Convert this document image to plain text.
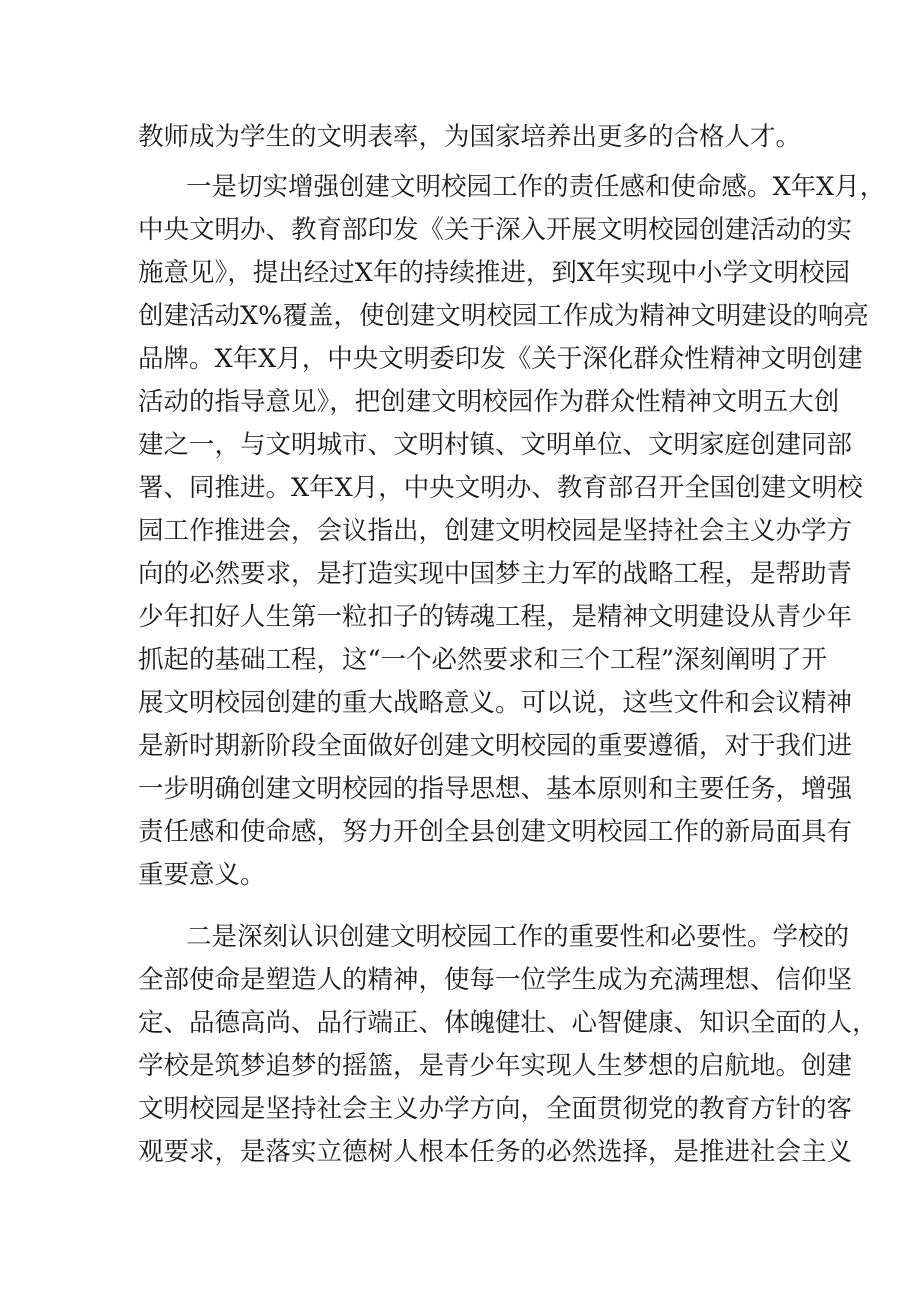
教师成为学生的文明表率，为国家培养出更多的合格人才。
一是切实增强创建文明校园工作的责任感和使命感。X年X月，
中央文明办、教育部印发《关于深入开展文明校园创建活动的实
施意见》，提出经过X年的持续推进，到X年实现中小学文明校园
创建活动X%覆盖，使创建文明校园工作成为精神文明建设的响亮
品牌。X年X月，中央文明委印发《关于深化群众性精神文明创建
活动的指导意见》，把创建文明校园作为群众性精神文明五大创
建之一，与文明城市、文明村镇、文明单位、文明家庭创建同部
署、同推进。X年X月，中央文明办、教育部召开全国创建文明校
园工作推进会，会议指出，创建文明校园是坚持社会主义办学方
向的必然要求，是打造实现中国梦主力军的战略工程，是帮助青
少年扣好人生第一粒扣子的铸魂工程，是精神文明建设从青少年
抓起的基础工程，这“一个必然要求和三个工程”深刻阐明了开
展文明校园创建的重大战略意义。可以说，这些文件和会议精神
是新时期新阶段全面做好创建文明校园的重要遵循，对于我们进
一步明确创建文明校园的指导思想、基本原则和主要任务，增强
责任感和使命感，努力开创全县创建文明校园工作的新局面具有
重要意义。
二是深刻认识创建文明校园工作的重要性和必要性。学校的
全部使命是塑造人的精神，使每一位学生成为充满理想、信仰坚
定、品德高尚、品行端正、体魄健壮、心智健康、知识全面的人，
学校是筑梦追梦的摇篮，是青少年实现人生梦想的启航地。创建
文明校园是坚持社会主义办学方向，全面贯彻党的教育方针的客
观要求，是落实立德树人根本任务的必然选择，是推进社会主义
